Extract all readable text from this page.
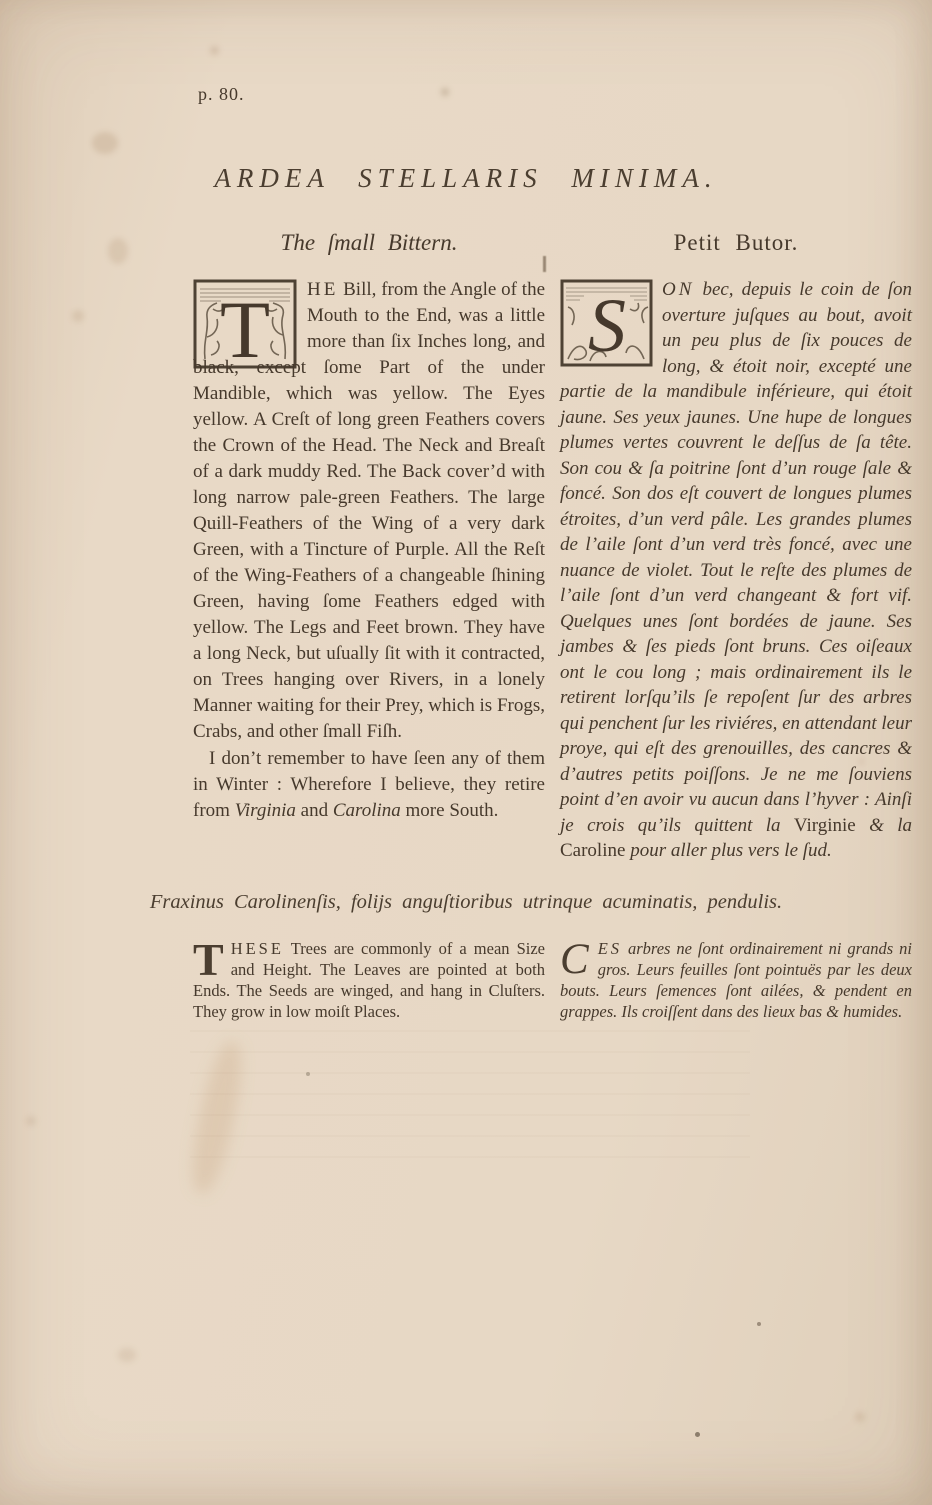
p. 80.
ARDEA STELLARIS MINIMA.
The ſmall Bittern.

T HE Bill, from the Angle of the Mouth to the End, was a little more than ſix Inches long, and black, except ſome Part of the under Mandible, which was yellow. The Eyes yellow. A Creſt of long green Feathers covers the Crown of the Head. The Neck and Breaſt of a dark muddy Red. The Back cover’d with long narrow pale-green Feathers. The large Quill-Feathers of the Wing of a very dark Green, with a Tincture of Purple. All the Reſt of the Wing-Feathers of a changeable ſhining Green, having ſome Feathers edged with yellow. The Legs and Feet brown. They have a long Neck, but uſually ſit with it contracted, on Trees hanging over Rivers, in a lonely Manner waiting for their Prey, which is Frogs, Crabs, and other ſmall Fiſh.

I don’t remember to have ſeen any of them in Winter : Wherefore I believe, they retire from Virginia and Carolina more South.

Petit Butor.

S ON bec, depuis le coin de ſon overture juſques au bout, avoit un peu plus de ſix pouces de long, & étoit noir, excepté une partie de la mandibule inférieure, qui étoit jaune. Ses yeux jaunes. Une hupe de longues plumes vertes couvrent le deſſus de ſa tête. Son cou & ſa poitrine ſont d’un rouge ſale & foncé. Son dos eſt couvert de longues plumes étroites, d’un verd pâle. Les grandes plumes de l’aile ſont d’un verd très foncé, avec une nuance de violet. Tout le reſte des plumes de l’aile ſont d’un verd changeant & fort vif. Quelques unes ſont bordées de jaune. Ses jambes & ſes pieds ſont bruns. Ces oiſeaux ont le cou long ; mais ordinairement ils le retirent lorſqu’ils ſe repoſent ſur des arbres qui penchent ſur les riviéres, en attendant leur proye, qui eſt des grenouilles, des cancres & d’autres petits poiſſons. Je ne me ſouviens point d’en avoir vu aucun dans l’hyver : Ainſi je crois qu’ils quittent la Virginie & la Caroline pour aller plus vers le ſud.

Fraxinus Carolinenſis, folijs anguſtioribus utrinque acuminatis, pendulis.

THESE Trees are commonly of a mean Size and Height. The Leaves are pointed at both Ends. The Seeds are winged, and hang in Cluſters. They grow in low moiſt Places.

CES arbres ne ſont ordinairement ni grands ni gros. Leurs feuilles ſont pointuës par les deux bouts. Leurs ſemences ſont ailées, & pendent en grappes. Ils croiſſent dans des lieux bas & humides.
